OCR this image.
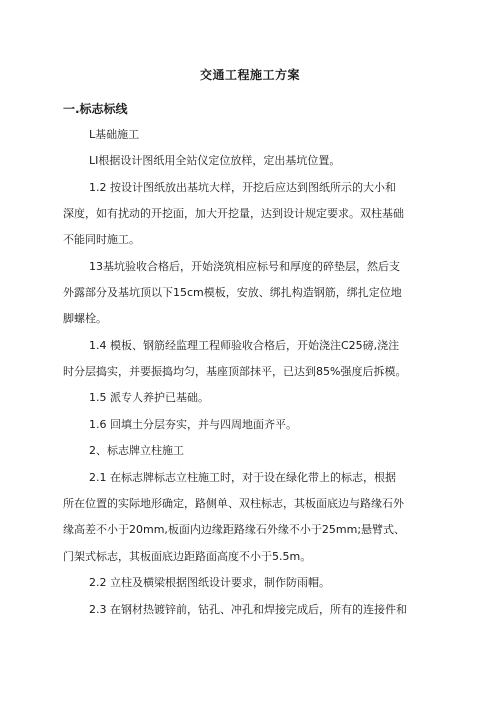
交通工程施工方案
一.标志标线
L基础施工
LI根据设计图纸用全站仪定位放样，定出基坑位置。
1.2 按设计图纸放出基坑大样，开挖后应达到图纸所示的大小和
深度，如有扰动的开挖面，加大开挖量，达到设计规定要求。双柱基础
不能同时施工。
13基坑验收合格后，开始浇筑相应标号和厚度的碎垫层，然后支
外露部分及基坑顶以下15cm模板，安放、绑扎构造钢筋，绑扎定位地
脚螺栓。
1.4 模板、钢筋经监理工程师验收合格后，开始浇注C25磅,浇注
时分层捣实，并要振捣均匀，基座顶部抹平，已达到85%强度后拆模。
1.5 派专人养护已基础。
1.6 回填土分层夯实，并与四周地面齐平。
2、标志牌立柱施工
2.1 在标志牌标志立柱施工时，对于设在绿化带上的标志，根据
所在位置的实际地形确定，路侧单、双柱标志，其板面底边与路缘石外
缘高差不小于20mm,板面内边缘距路缘石外缘不小于25mm;悬臂式、
门架式标志，其板面底边距路面高度不小于5.5m。
2.2 立柱及横梁根据图纸设计要求，制作防雨帽。
2.3 在钢材热镀锌前，钻孔、冲孔和焊接完成后，所有的连接件和
